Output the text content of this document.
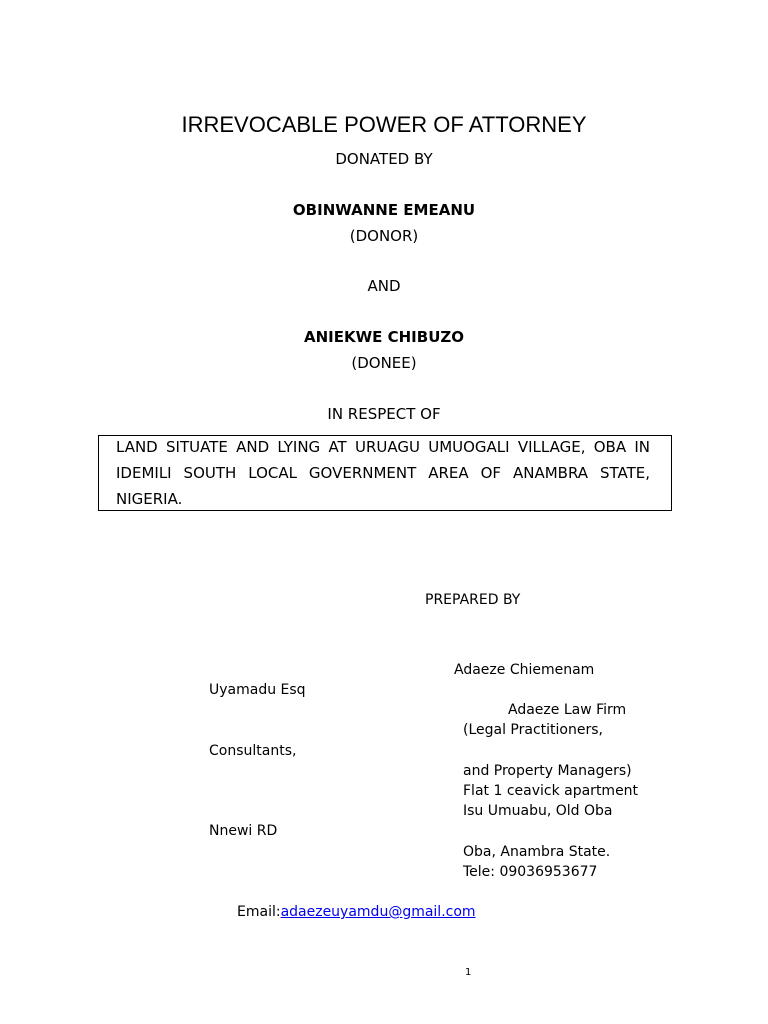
IRREVOCABLE POWER OF ATTORNEY
DONATED BY
OBINWANNE EMEANU
(DONOR)
AND
ANIEKWE CHIBUZO
(DONEE)
IN RESPECT OF
LAND SITUATE AND LYING AT URUAGU UMUOGALI VILLAGE, OBA IN
IDEMILI SOUTH LOCAL GOVERNMENT AREA OF ANAMBRA STATE,
NIGERIA.
PREPARED BY
Adaeze Chiemenam
Uyamadu Esq
Adaeze Law Firm
(Legal Practitioners,
Consultants,
and Property Managers)
Flat 1 ceavick apartment
Isu Umuabu, Old Oba
Nnewi RD
Oba, Anambra State.
Tele: 09036953677
Email:adaezeuyamdu@gmail.com
1
